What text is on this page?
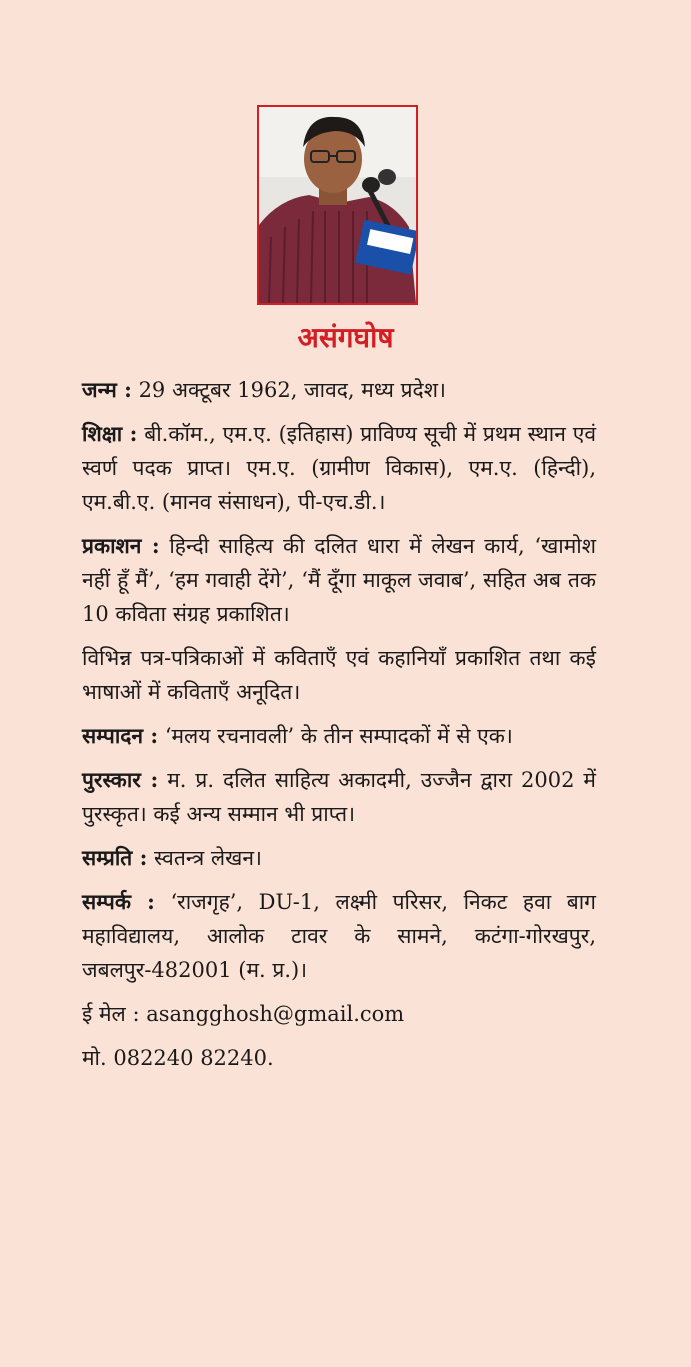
असंगघोष

जन्म : 29 अक्टूबर 1962, जावद, मध्य प्रदेश।

शिक्षा : बी.कॉम., एम.ए. (इतिहास) प्राविण्य सूची में प्रथम स्थान एवं स्वर्ण पदक प्राप्त। एम.ए. (ग्रामीण विकास), एम.ए. (हिन्दी), एम.बी.ए. (मानव संसाधन), पी-एच.डी.।

प्रकाशन : हिन्दी साहित्य की दलित धारा में लेखन कार्य, ‘खामोश नहीं हूँ मैं’, ‘हम गवाही देंगे’, ‘मैं दूँगा माकूल जवाब’, सहित अब तक 10 कविता संग्रह प्रकाशित।

विभिन्न पत्र-पत्रिकाओं में कविताएँ एवं कहानियाँ प्रकाशित तथा कई भाषाओं में कविताएँ अनूदित।

सम्पादन : ‘मलय रचनावली’ के तीन सम्पादकों में से एक।

पुरस्कार : म. प्र. दलित साहित्य अकादमी, उज्जैन द्वारा 2002 में पुरस्कृत। कई अन्य सम्मान भी प्राप्त।

सम्प्रति : स्वतन्त्र लेखन।

सम्पर्क : ‘राजगृह’, DU-1, लक्ष्मी परिसर, निकट हवा बाग महाविद्यालय, आलोक टावर के सामने, कटंगा-गोरखपुर, जबलपुर-482001 (म. प्र.)।

ई मेल : asangghosh@gmail.com

मो. 082240 82240.
